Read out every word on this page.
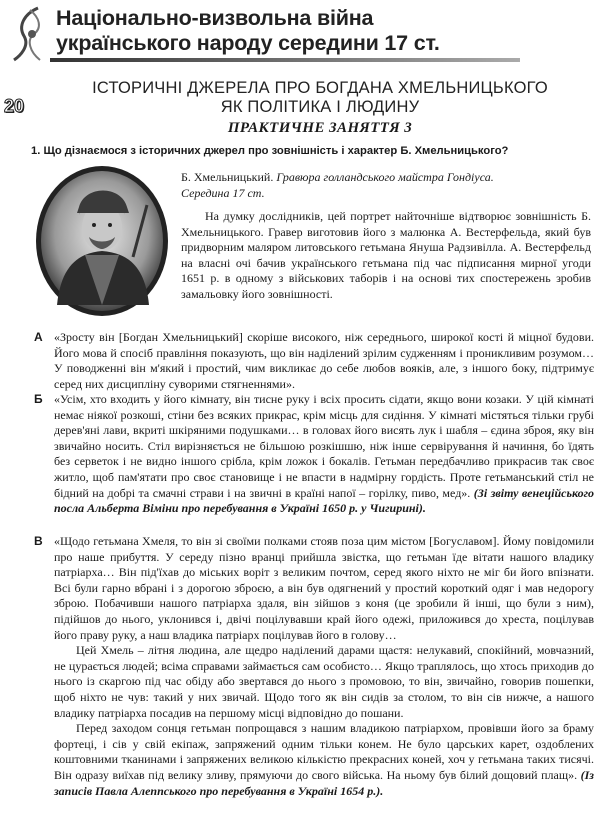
Національно-визвольна війна
українського народу середини 17 ст.
20
ІСТОРИЧНІ ДЖЕРЕЛА ПРО БОГДАНА ХМЕЛЬНИЦЬКОГО
ЯК ПОЛІТИКА І ЛЮДИНУ
ПРАКТИЧНЕ ЗАНЯТТЯ 3
1. Що дізнаємося з історичних джерел про зовнішність і характер Б. Хмельницького?
Б. Хмельницький. Гравюра голландського майстра Гондіуса.
Середина 17 ст.

На думку дослідників, цей портрет найточніше відтворює зовнішність Б. Хмельницького. Гравер виготовив його з малюнка А. Вестерфельда, який був придворним маляром литовського гетьмана Януша Радзивілла. А. Вестерфельд на власні очі бачив українського гетьмана під час підписання мирної угоди 1651 р. в одному з військових таборів і на основі тих спостережень зробив замальовку його зовнішності.

А «Зросту він [Богдан Хмельницький] скоріше високого, ніж середнього, широкої кості й міцної будови. Його мова й спосіб правління показують, що він наділений зрілим судженням і проникливим розумом… У поводженні він м'який і простий, чим викликає до себе любов вояків, але, з іншого боку, підтримує серед них дисципліну суворими стягненнями».

Б «Усім, хто входить у його кімнату, він тисне руку і всіх просить сідати, якщо вони козаки. У цій кімнаті немає ніякої розкоші, стіни без всяких прикрас, крім місць для сидіння. У кімнаті містяться тільки грубі дерев'яні лави, вкриті шкіряними подушками… в головах його висять лук і шабля – єдина зброя, яку він звичайно носить. Стіл вирізняється не більшою розкішшю, ніж інше сервірування й начиння, бо їдять без серветок і не видно іншого срібла, крім ложок і бокалів. Гетьман передбачливо прикрасив так своє житло, щоб пам'ятати про своє становище і не впасти в надмірну гордість. Проте гетьманський стіл не бідний на добрі та смачні страви і на звичні в країні напої – горілку, пиво, мед». (Зі звіту венеційського посла Альберта Віміни про перебування в Україні 1650 р. у Чигирині).

В «Щодо гетьмана Хмеля, то він зі своїми полками стояв поза цим містом [Богуславом]. Йому повідомили про наше прибуття. У середу пізно вранці прийшла звістка, що гетьман їде вітати нашого владику патріарха… Він під'їхав до міських воріт з великим почтом, серед якого ніхто не міг би його впізнати. Всі були гарно вбрані і з дорогою зброєю, а він був одягнений у простий короткий одяг і мав недорогу зброю. Побачивши нашого патріарха здаля, він зійшов з коня (це зробили й інші, що були з ним), підійшов до нього, уклонився і, двічі поцілувавши край його одежі, приложився до хреста, поцілував його праву руку, а наш владика патріарх поцілував його в голову…

Цей Хмель – літня людина, але щедро наділений дарами щастя: нелукавий, спокійний, мовчазний, не цурається людей; всіма справами займається сам особисто… Якщо траплялось, що хтось приходив до нього із скаргою під час обіду або звертався до нього з промовою, то він, звичайно, говорив пошепки, щоб ніхто не чув: такий у них звичай. Щодо того як він сидів за столом, то він сів нижче, а нашого владику патріарха посадив на першому місці відповідно до пошани.

Перед заходом сонця гетьман попрощався з нашим владикою патріархом, провівши його за браму фортеці, і сів у свій екіпаж, запряжений одним тільки конем. Не було царських карет, оздоблених коштовними тканинами і запряжених великою кількістю прекрасних коней, хоч у гетьмана таких тисячі. Він одразу виїхав під велику зливу, прямуючи до свого війська. На ньому був білий дощовий плащ». (Із записів Павла Алеппського про перебування в Україні 1654 р.).
